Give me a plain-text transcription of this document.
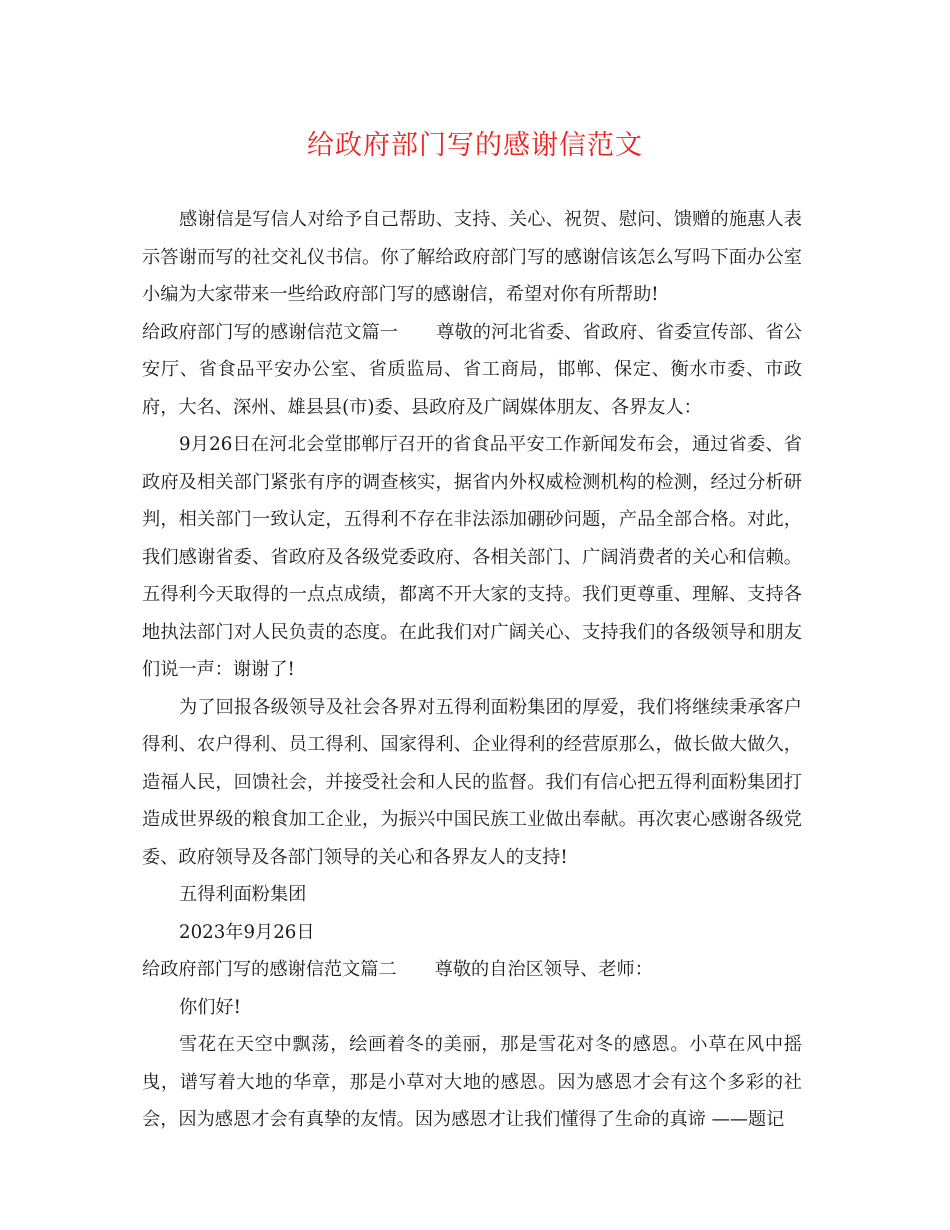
给政府部门写的感谢信范文

感谢信是写信人对给予自己帮助、支持、关心、祝贺、慰问、馈赠的施惠人表示答谢而写的社交礼仪书信。你了解给政府部门写的感谢信该怎么写吗下面办公室小编为大家带来一些给政府部门写的感谢信，希望对你有所帮助!

给政府部门写的感谢信范文篇一 尊敬的河北省委、省政府、省委宣传部、省公安厅、省食品平安办公室、省质监局、省工商局，邯郸、保定、衡水市委、市政府，大名、深州、雄县县(市)委、县政府及广阔媒体朋友、各界友人：

9月26日在河北会堂邯郸厅召开的省食品平安工作新闻发布会，通过省委、省政府及相关部门紧张有序的调查核实，据省内外权威检测机构的检测，经过分析研判，相关部门一致认定，五得利不存在非法添加硼砂问题，产品全部合格。对此，我们感谢省委、省政府及各级党委政府、各相关部门、广阔消费者的关心和信赖。五得利今天取得的一点点成绩，都离不开大家的支持。我们更尊重、理解、支持各地执法部门对人民负责的态度。在此我们对广阔关心、支持我们的各级领导和朋友们说一声：谢谢了!

为了回报各级领导及社会各界对五得利面粉集团的厚爱，我们将继续秉承客户得利、农户得利、员工得利、国家得利、企业得利的经营原那么，做长做大做久，造福人民，回馈社会，并接受社会和人民的监督。我们有信心把五得利面粉集团打造成世界级的粮食加工企业，为振兴中国民族工业做出奉献。再次衷心感谢各级党委、政府领导及各部门领导的关心和各界友人的支持!

五得利面粉集团

2023年9月26日

给政府部门写的感谢信范文篇二 尊敬的自治区领导、老师：

你们好!

雪花在天空中飘荡，绘画着冬的美丽，那是雪花对冬的感恩。小草在风中摇曳，谱写着大地的华章，那是小草对大地的感恩。因为感恩才会有这个多彩的社会，因为感恩才会有真挚的友情。因为感恩才让我们懂得了生命的真谛 ——题记
